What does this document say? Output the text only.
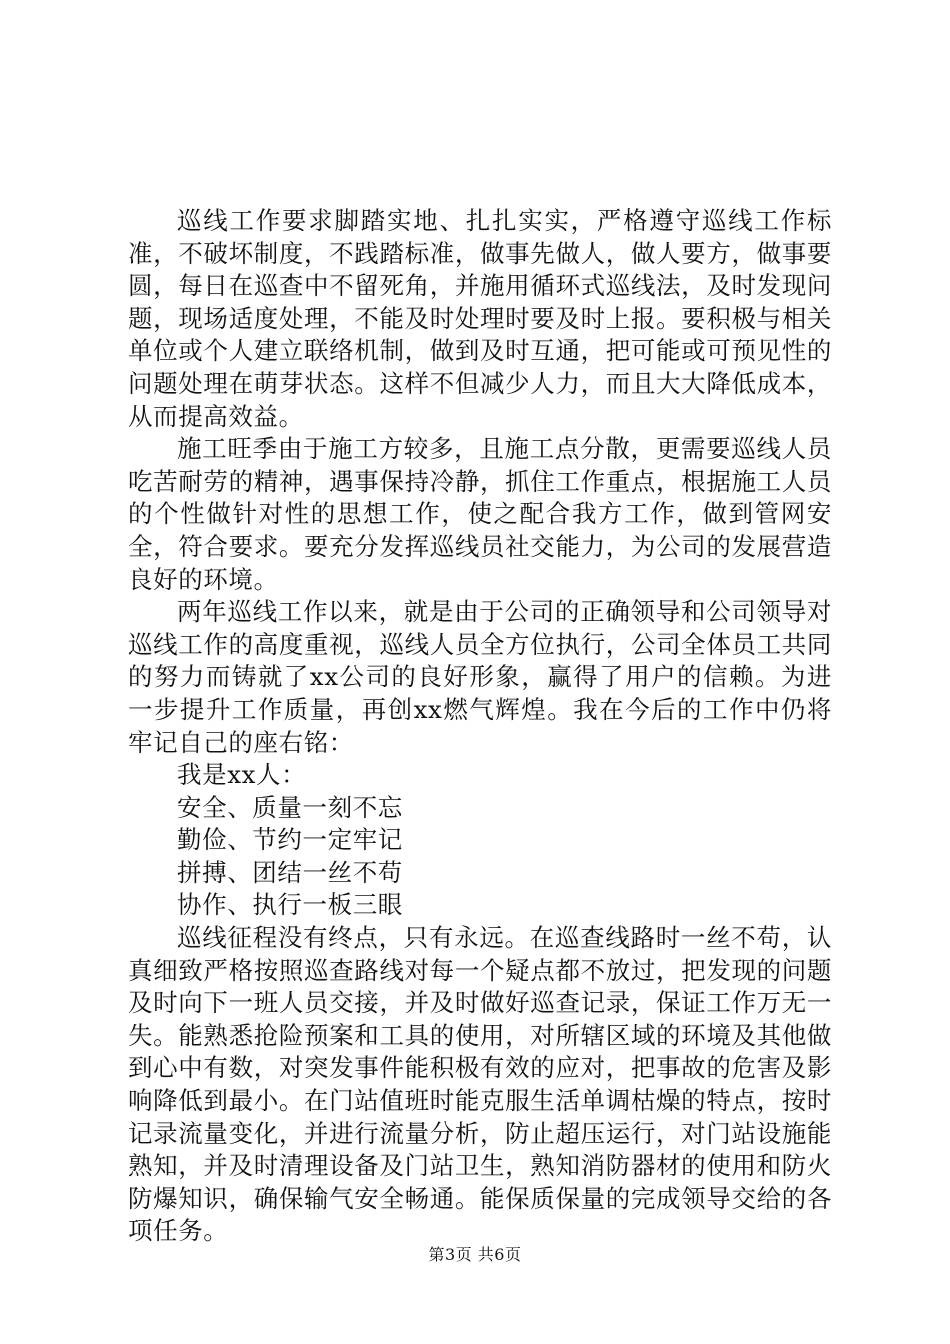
巡线工作要求脚踏实地、扎扎实实，严格遵守巡线工作标准，不破坏制度，不践踏标准，做事先做人，做人要方，做事要圆，每日在巡查中不留死角，并施用循环式巡线法，及时发现问题，现场适度处理，不能及时处理时要及时上报。要积极与相关单位或个人建立联络机制，做到及时互通，把可能或可预见性的问题处理在萌芽状态。这样不但减少人力，而且大大降低成本，从而提高效益。

施工旺季由于施工方较多，且施工点分散，更需要巡线人员吃苦耐劳的精神，遇事保持冷静，抓住工作重点，根据施工人员的个性做针对性的思想工作，使之配合我方工作，做到管网安全，符合要求。要充分发挥巡线员社交能力，为公司的发展营造良好的环境。

两年巡线工作以来，就是由于公司的正确领导和公司领导对巡线工作的高度重视，巡线人员全方位执行，公司全体员工共同的努力而铸就了xx公司的良好形象，赢得了用户的信赖。为进一步提升工作质量，再创xx燃气辉煌。我在今后的工作中仍将牢记自己的座右铭：

我是xx人：

安全、质量一刻不忘

勤俭、节约一定牢记

拼搏、团结一丝不苟

协作、执行一板三眼

巡线征程没有终点，只有永远。在巡查线路时一丝不苟，认真细致严格按照巡查路线对每一个疑点都不放过，把发现的问题及时向下一班人员交接，并及时做好巡查记录，保证工作万无一失。能熟悉抢险预案和工具的使用，对所辖区域的环境及其他做到心中有数，对突发事件能积极有效的应对，把事故的危害及影响降低到最小。在门站值班时能克服生活单调枯燥的特点，按时记录流量变化，并进行流量分析，防止超压运行，对门站设施能熟知，并及时清理设备及门站卫生，熟知消防器材的使用和防火防爆知识，确保输气安全畅通。能保质保量的完成领导交给的各项任务。

第3页 共6页
